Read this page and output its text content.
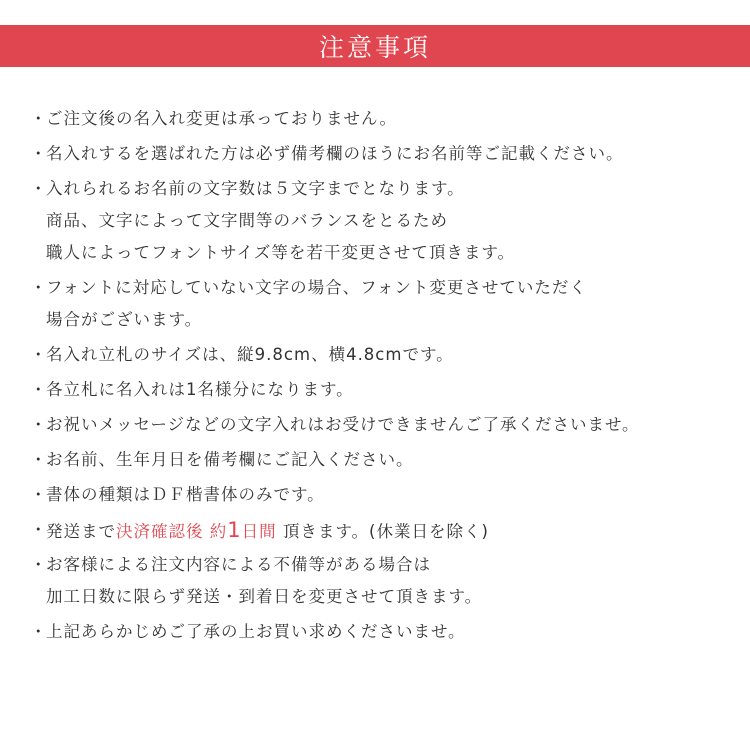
注意事項
・
ご注文後の名入れ変更は承っておりません。
・
名入れするを選ばれた方は必ず備考欄のほうにお名前等ご記載ください。
・
入れられるお名前の文字数は５文字までとなります。
商品、文字によって文字間等のバランスをとるため
職人によってフォントサイズ等を若干変更させて頂きます。
・
フォントに対応していない文字の場合、フォント変更させていただく
場合がございます。
・
名入れ立札のサイズは、縦9.8cm、横4.8cmです。
・
各立札に名入れは1名様分になります。
・
お祝いメッセージなどの文字入れはお受けできませんご了承くださいませ。
・
お名前、生年月日を備考欄にご記入ください。
・
書体の種類はＤＦ楷書体のみです。
・
発送まで決済確認後 約1日間 頂きます。(休業日を除く)
・
お客様による注文内容による不備等がある場合は
加工日数に限らず発送・到着日を変更させて頂きます。
・
上記あらかじめご了承の上お買い求めくださいませ。
